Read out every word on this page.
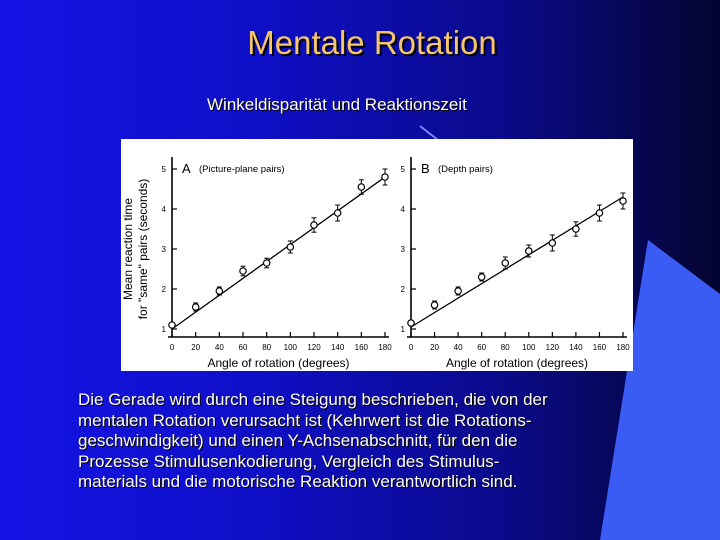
Mentale Rotation
Winkeldisparität und Reaktionszeit
1
2
3
4
5
0 20 40 60 80 100 120 140 160 180
A (Picture-plane pairs)
Angle of rotation (degrees)
Mean reaction time for "same" pairs (seconds)
1
2
3
4
5
0 20 40 60 80 100 120 140 160 180
B (Depth pairs)
Angle of rotation (degrees)
Die Gerade wird durch eine Steigung beschrieben, die von der
mentalen Rotation verursacht ist (Kehrwert ist die Rotations-
geschwindigkeit) und einen Y-Achsenabschnitt, für den die
Prozesse Stimulusenkodierung, Vergleich des Stimulus-
materials und die motorische Reaktion verantwortlich sind.
